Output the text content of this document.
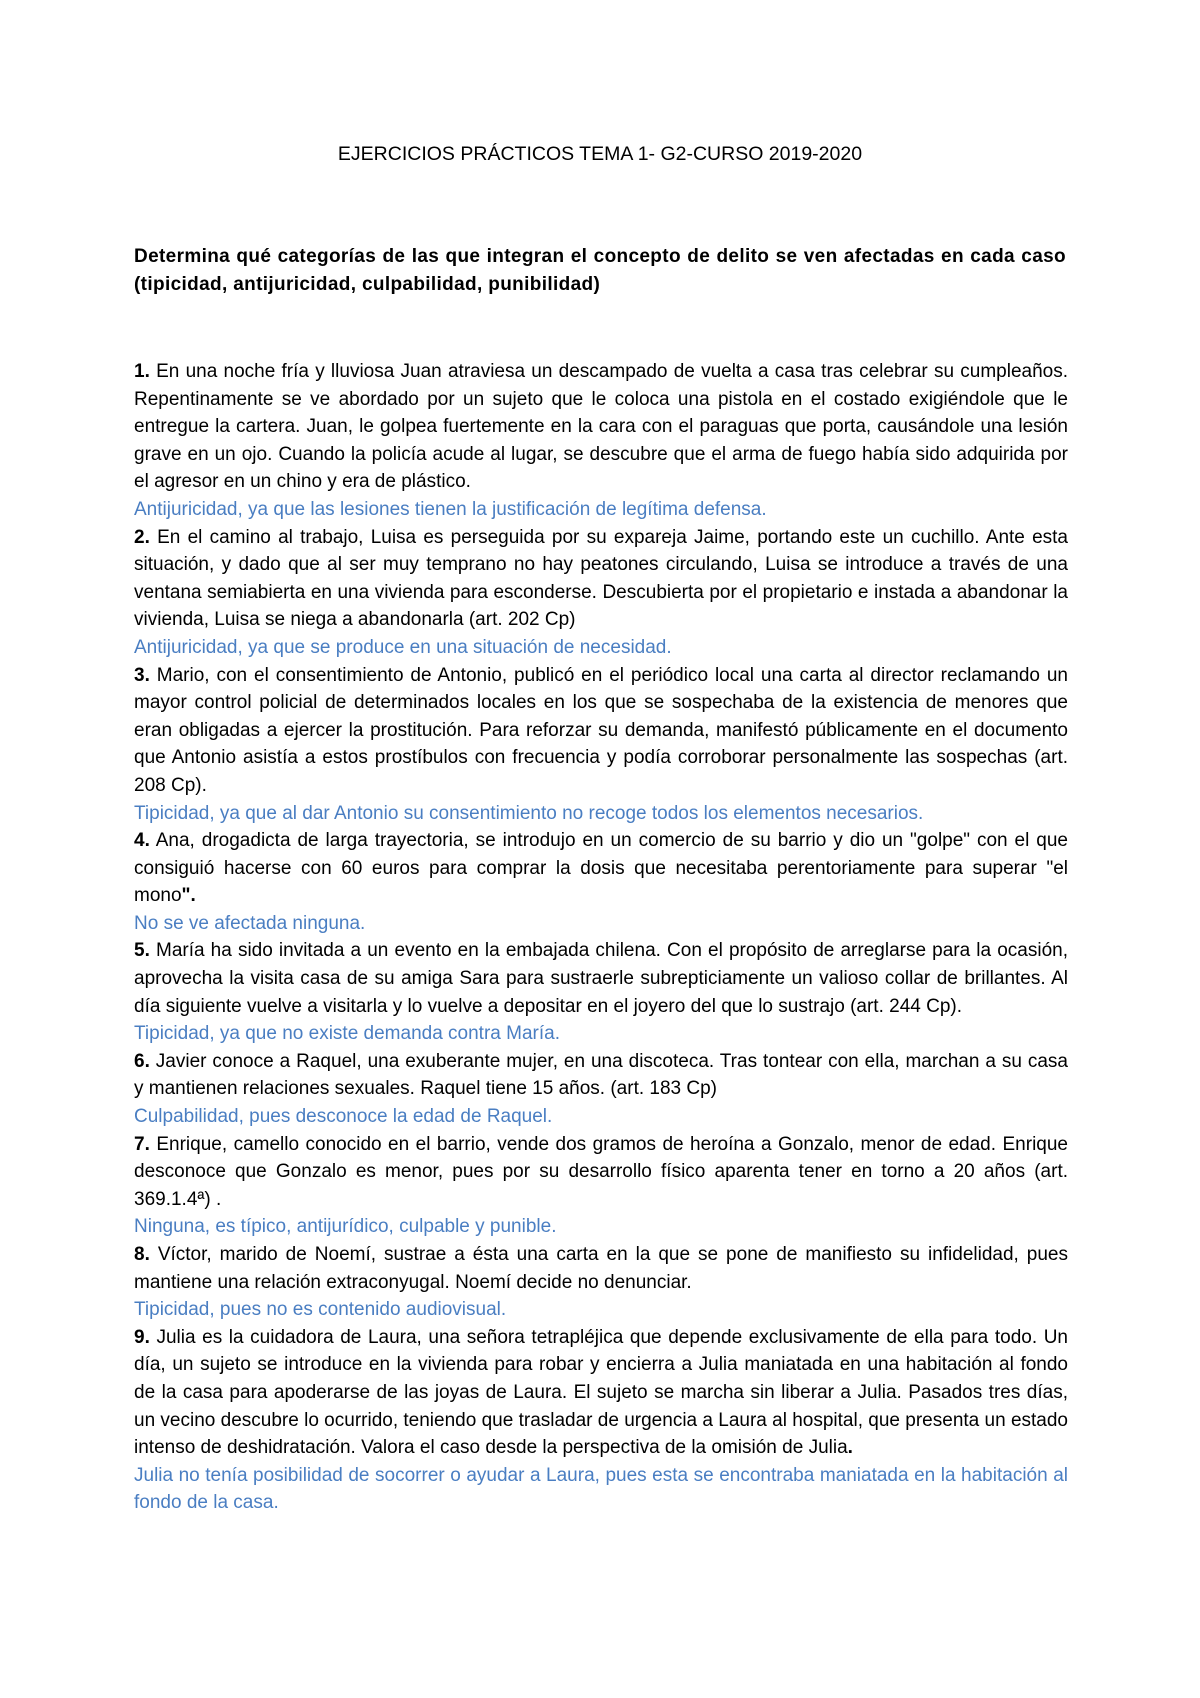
EJERCICIOS PRÁCTICOS TEMA 1- G2-CURSO 2019-2020

Determina qué categorías de las que integran el concepto de delito se ven afectadas en cada caso (tipicidad, antijuricidad, culpabilidad, punibilidad)

1. En una noche fría y lluviosa Juan atraviesa un descampado de vuelta a casa tras celebrar su cumpleaños. Repentinamente se ve abordado por un sujeto que le coloca una pistola en el costado exigiéndole que le entregue la cartera. Juan, le golpea fuertemente en la cara con el paraguas que porta, causándole una lesión grave en un ojo. Cuando la policía acude al lugar, se descubre que el arma de fuego había sido adquirida por el agresor en un chino y era de plástico.

Antijuricidad, ya que las lesiones tienen la justificación de legítima defensa.

2. En el camino al trabajo, Luisa es perseguida por su expareja Jaime, portando este un cuchillo. Ante esta situación, y dado que al ser muy temprano no hay peatones circulando, Luisa se introduce a través de una ventana semiabierta en una vivienda para esconderse. Descubierta por el propietario e instada a abandonar la vivienda, Luisa se niega a abandonarla (art. 202 Cp)

Antijuricidad, ya que se produce en una situación de necesidad.

3. Mario, con el consentimiento de Antonio, publicó en el periódico local una carta al director reclamando un mayor control policial de determinados locales en los que se sospechaba de la existencia de menores que eran obligadas a ejercer la prostitución. Para reforzar su demanda, manifestó públicamente en el documento que Antonio asistía a estos prostíbulos con frecuencia y podía corroborar personalmente las sospechas (art. 208 Cp).

Tipicidad, ya que al dar Antonio su consentimiento no recoge todos los elementos necesarios.

4. Ana, drogadicta de larga trayectoria, se introdujo en un comercio de su barrio y dio un "golpe" con el que consiguió hacerse con 60 euros para comprar la dosis que necesitaba perentoriamente para superar "el mono".

No se ve afectada ninguna.

5. María ha sido invitada a un evento en la embajada chilena. Con el propósito de arreglarse para la ocasión, aprovecha la visita casa de su amiga Sara para sustraerle subrepticiamente un valioso collar de brillantes. Al día siguiente vuelve a visitarla y lo vuelve a depositar en el joyero del que lo sustrajo (art. 244 Cp).

Tipicidad, ya que no existe demanda contra María.

6. Javier conoce a Raquel, una exuberante mujer, en una discoteca. Tras tontear con ella, marchan a su casa y mantienen relaciones sexuales. Raquel tiene 15 años. (art. 183 Cp)

Culpabilidad, pues desconoce la edad de Raquel.

7. Enrique, camello conocido en el barrio, vende dos gramos de heroína a Gonzalo, menor de edad. Enrique desconoce que Gonzalo es menor, pues por su desarrollo físico aparenta tener en torno a 20 años (art. 369.1.4ª) .

Ninguna, es típico, antijurídico, culpable y punible.

8. Víctor, marido de Noemí, sustrae a ésta una carta en la que se pone de manifiesto su infidelidad, pues mantiene una relación extraconyugal. Noemí decide no denunciar.

Tipicidad, pues no es contenido audiovisual.

9. Julia es la cuidadora de Laura, una señora tetrapléjica que depende exclusivamente de ella para todo. Un día, un sujeto se introduce en la vivienda para robar y encierra a Julia maniatada en una habitación al fondo de la casa para apoderarse de las joyas de Laura. El sujeto se marcha sin liberar a Julia. Pasados tres días, un vecino descubre lo ocurrido, teniendo que trasladar de urgencia a Laura al hospital, que presenta un estado intenso de deshidratación. Valora el caso desde la perspectiva de la omisión de Julia.

Julia no tenía posibilidad de socorrer o ayudar a Laura, pues esta se encontraba maniatada en la habitación al fondo de la casa.
